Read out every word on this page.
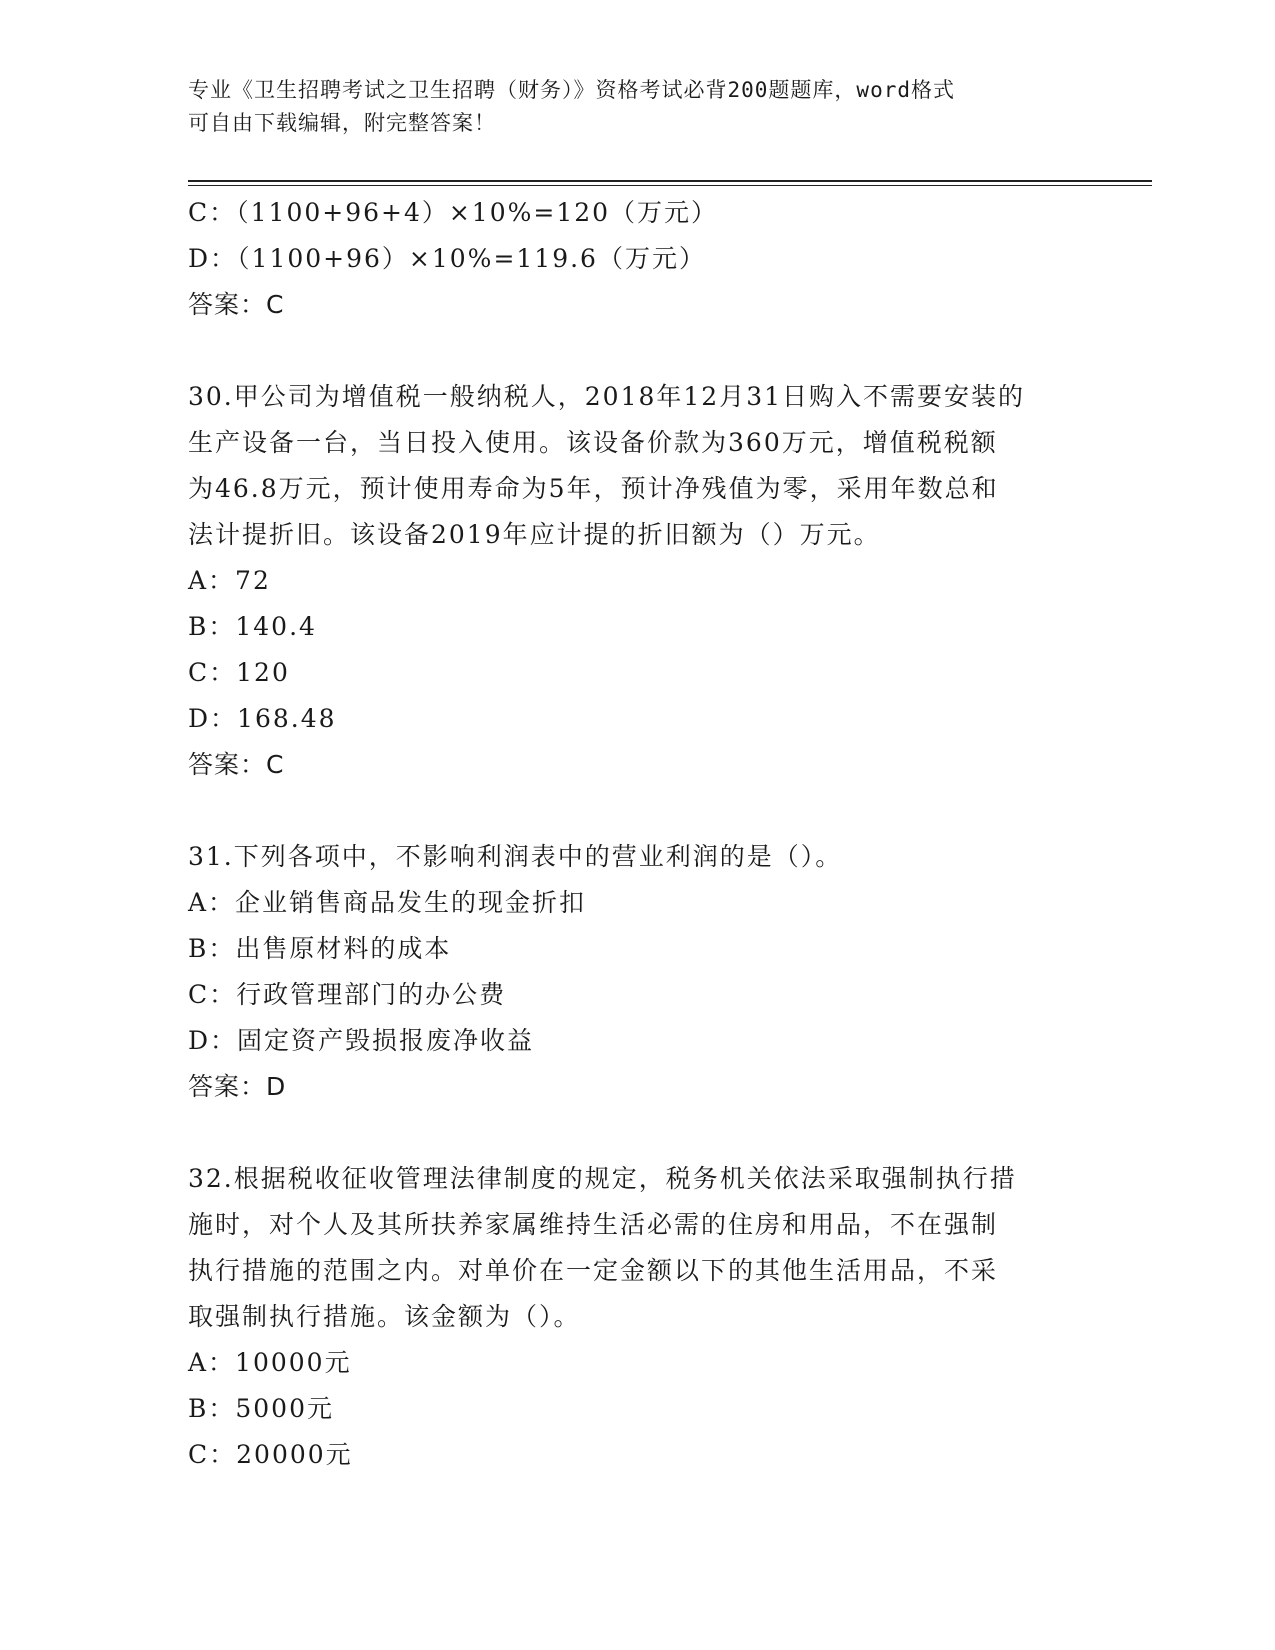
专业《卫生招聘考试之卫生招聘（财务）》资格考试必背200题题库，word格式
可自由下载编辑，附完整答案！
C：（1100+96+4）×10%=120（万元）
D：（1100+96）×10%=119.6（万元）
答案：C
30.甲公司为增值税一般纳税人，2018年12月31日购入不需要安装的
生产设备一台，当日投入使用。该设备价款为360万元，增值税税额
为46.8万元，预计使用寿命为5年，预计净残值为零，采用年数总和
法计提折旧。该设备2019年应计提的折旧额为（）万元。
A：72
B：140.4
C：120
D：168.48
答案：C
31.下列各项中，不影响利润表中的营业利润的是（）。
A：企业销售商品发生的现金折扣
B：出售原材料的成本
C：行政管理部门的办公费
D：固定资产毁损报废净收益
答案：D
32.根据税收征收管理法律制度的规定，税务机关依法采取强制执行措
施时，对个人及其所扶养家属维持生活必需的住房和用品，不在强制
执行措施的范围之内。对单价在一定金额以下的其他生活用品，不采
取强制执行措施。该金额为（）。
A：10000元
B：5000元
C：20000元
